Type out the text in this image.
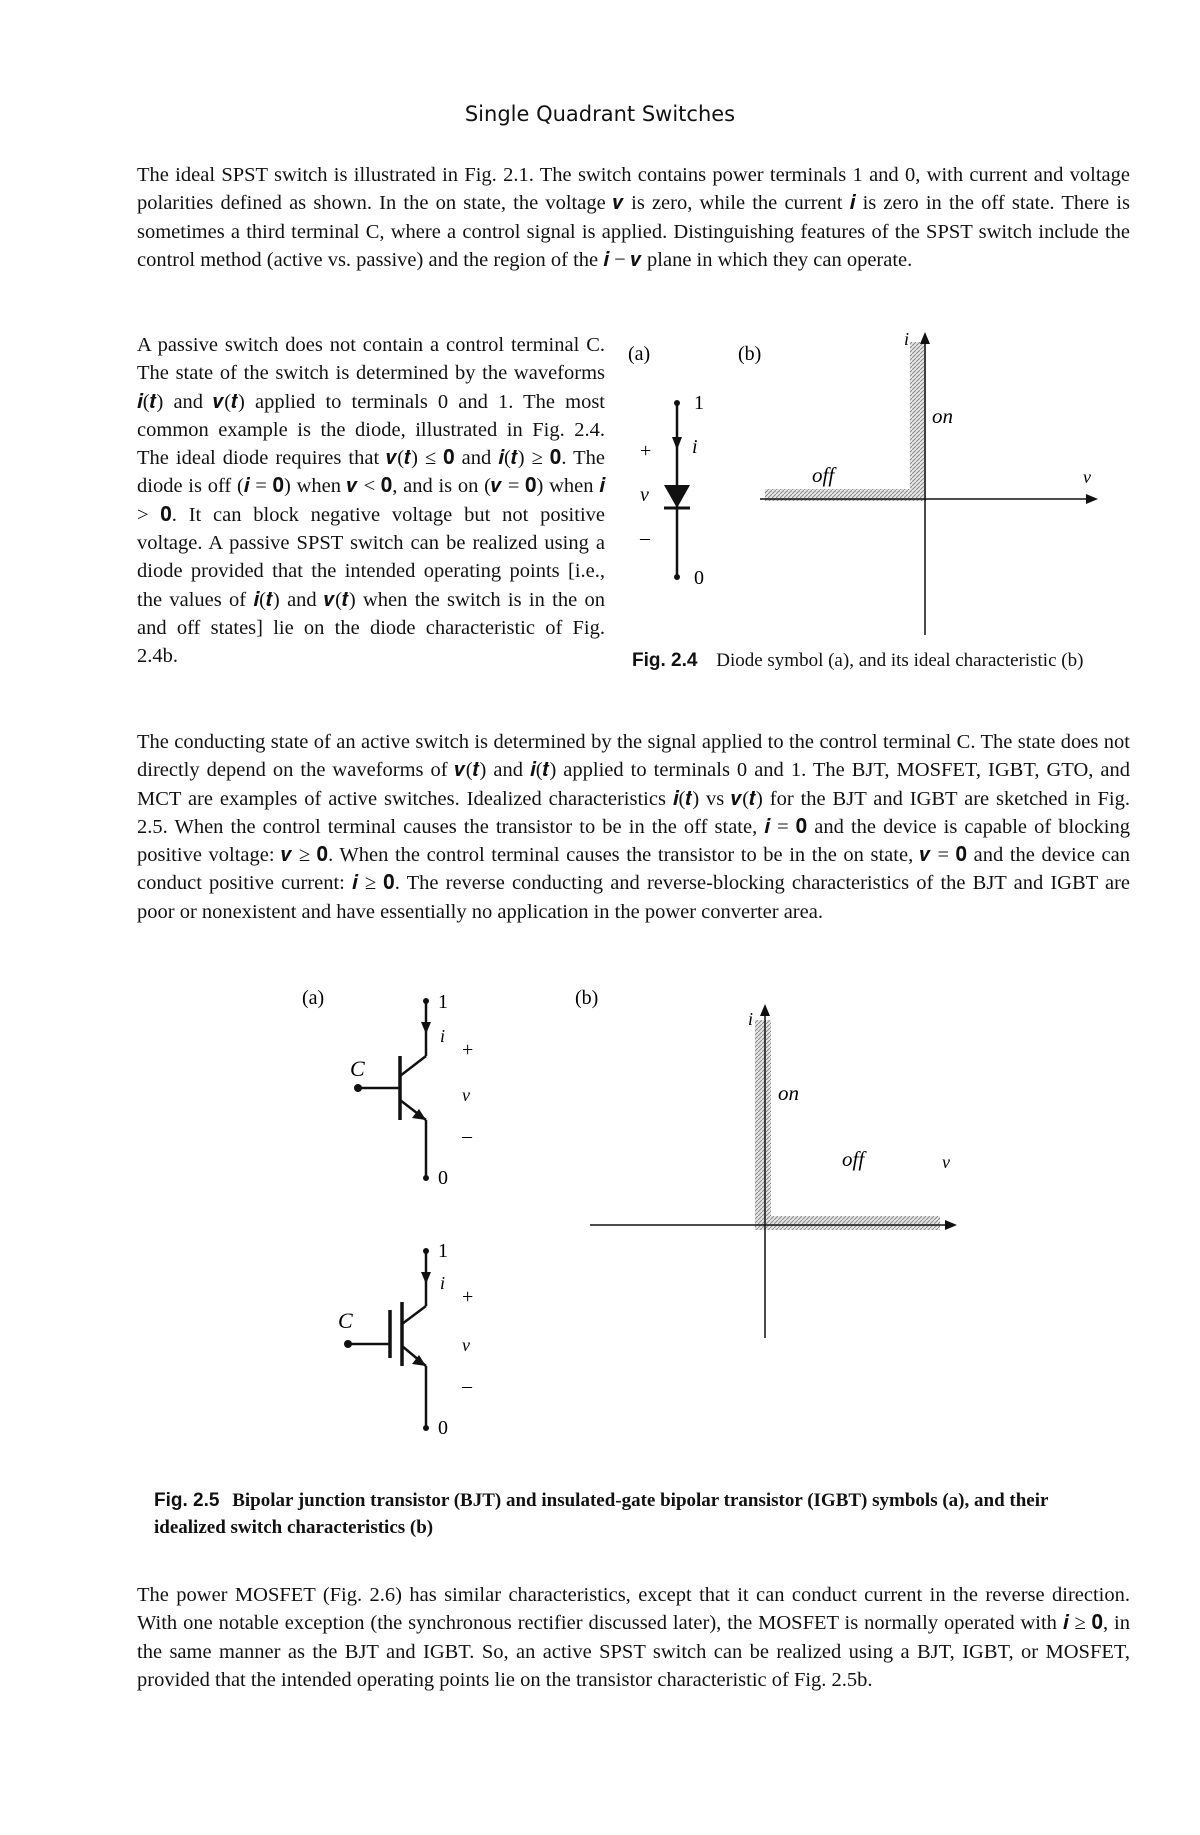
Single Quadrant Switches
The ideal SPST switch is illustrated in Fig. 2.1. The switch contains power terminals 1 and 0, with current and voltage polarities defined as shown. In the on state, the voltage 𝒗 is zero, while the current 𝒊 is zero in the off state. There is sometimes a third terminal C, where a control signal is applied. Distinguishing features of the SPST switch include the control method (active vs. passive) and the region of the 𝒊 − 𝒗 plane in which they can operate.
A passive switch does not contain a control terminal C. The state of the switch is determined by the waveforms 𝒊(𝒕) and 𝒗(𝒕) applied to terminals 0 and 1. The most common example is the diode, illustrated in Fig. 2.4. The ideal diode requires that 𝒗(𝒕) ≤ 𝟎 and 𝒊(𝒕) ≥ 𝟎. The diode is off (𝒊 = 𝟎) when 𝒗 < 𝟎, and is on (𝒗 = 𝟎) when 𝒊 > 𝟎. It can block negative voltage but not positive voltage. A passive SPST switch can be realized using a diode provided that the intended operating points [i.e., the values of 𝒊(𝒕) and 𝒗(𝒕) when the switch is in the on and off states] lie on the diode characteristic of Fig. 2.4b.
(a)	(b)
1
i
+
v
–
0
i
on
off	v
Fig. 2.4 Diode symbol (a), and its ideal characteristic (b)
The conducting state of an active switch is determined by the signal applied to the control terminal C. The state does not directly depend on the waveforms of 𝒗(𝒕) and 𝒊(𝒕) applied to terminals 0 and 1. The BJT, MOSFET, IGBT, GTO, and MCT are examples of active switches. Idealized characteristics 𝒊(𝒕) vs 𝒗(𝒕) for the BJT and IGBT are sketched in Fig. 2.5. When the control terminal causes the transistor to be in the off state, 𝒊 = 𝟎 and the device is capable of blocking positive voltage: 𝒗 ≥ 𝟎. When the control terminal causes the transistor to be in the on state, 𝒗 = 𝟎 and the device can conduct positive current: 𝒊 ≥ 𝟎. The reverse conducting and reverse-blocking characteristics of the BJT and IGBT are poor or nonexistent and have essentially no application in the power converter area.
(a)	(b)
1
i
+
C
v
–
0
1
i
+
C
v
–
0
i
on
off	v
Fig. 2.5 Bipolar junction transistor (BJT) and insulated-gate bipolar transistor (IGBT) symbols (a), and their idealized switch characteristics (b)
The power MOSFET (Fig. 2.6) has similar characteristics, except that it can conduct current in the reverse direction. With one notable exception (the synchronous rectifier discussed later), the MOSFET is normally operated with 𝒊 ≥ 𝟎, in the same manner as the BJT and IGBT. So, an active SPST switch can be realized using a BJT, IGBT, or MOSFET, provided that the intended operating points lie on the transistor characteristic of Fig. 2.5b.
